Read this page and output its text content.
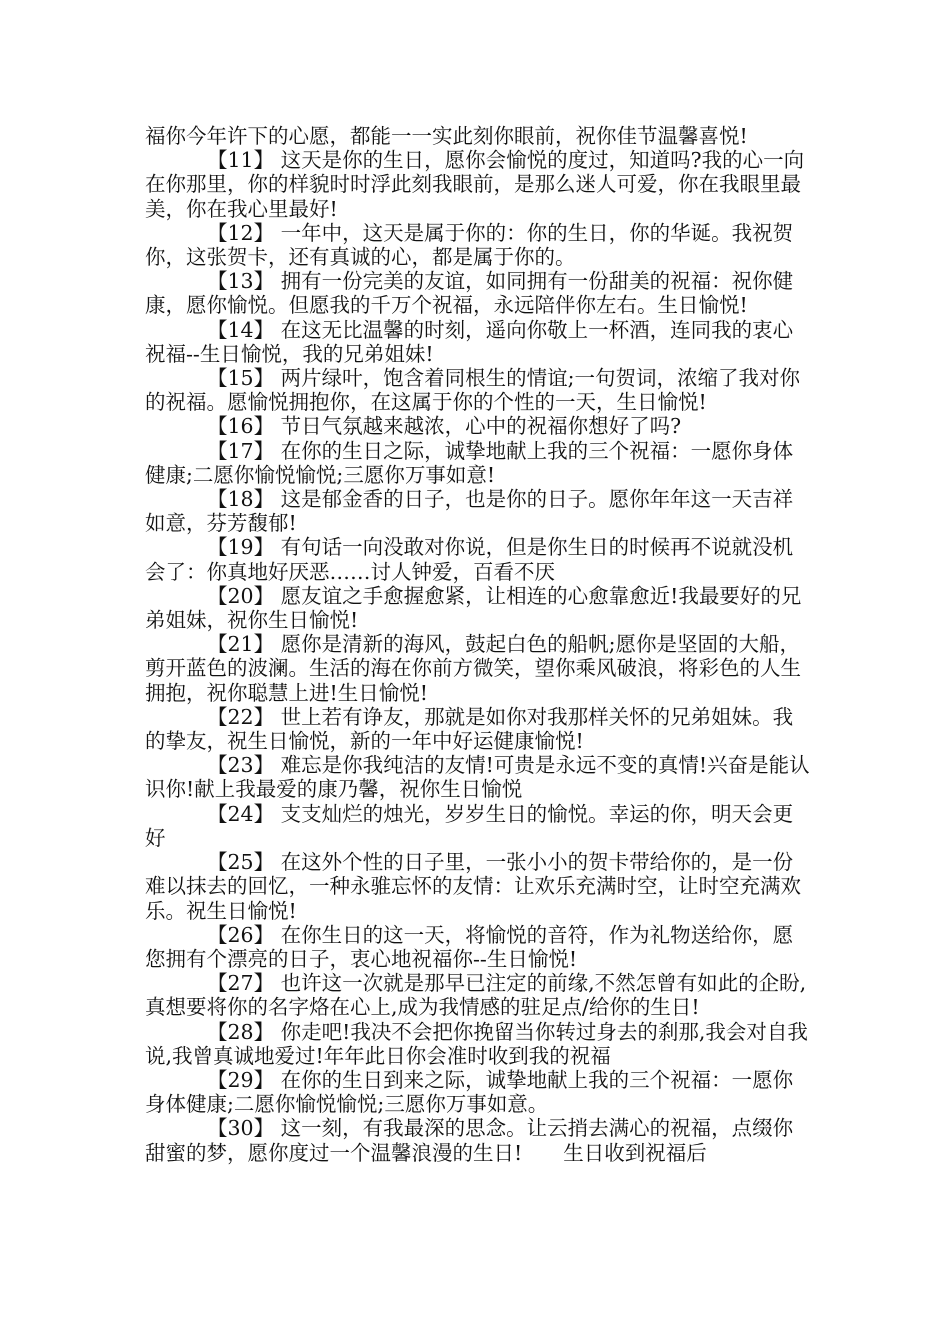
福你今年许下的心愿，都能一一实此刻你眼前，祝你佳节温馨喜悦!

【11】 这天是你的生日，愿你会愉悦的度过，知道吗?我的心一向在你那里，你的样貌时时浮此刻我眼前，是那么迷人可爱，你在我眼里最美，你在我心里最好!

【12】 一年中，这天是属于你的：你的生日，你的华诞。我祝贺你，这张贺卡，还有真诚的心，都是属于你的。

【13】 拥有一份完美的友谊，如同拥有一份甜美的祝福：祝你健康，愿你愉悦。但愿我的千万个祝福，永远陪伴你左右。生日愉悦!

【14】 在这无比温馨的时刻，遥向你敬上一杯酒，连同我的衷心祝福--生日愉悦，我的兄弟姐妹!

【15】 两片绿叶，饱含着同根生的情谊;一句贺词，浓缩了我对你的祝福。愿愉悦拥抱你，在这属于你的个性的一天，生日愉悦!

【16】 节日气氛越来越浓，心中的祝福你想好了吗?

【17】 在你的生日之际，诚挚地献上我的三个祝福：一愿你身体健康;二愿你愉悦愉悦;三愿你万事如意!

【18】 这是郁金香的日子，也是你的日子。愿你年年这一天吉祥如意，芬芳馥郁!

【19】 有句话一向没敢对你说，但是你生日的时候再不说就没机会了：你真地好厌恶……讨人钟爱，百看不厌

【20】 愿友谊之手愈握愈紧，让相连的心愈靠愈近!我最要好的兄弟姐妹，祝你生日愉悦!

【21】 愿你是清新的海风，鼓起白色的船帆;愿你是坚固的大船，剪开蓝色的波澜。生活的海在你前方微笑，望你乘风破浪，将彩色的人生拥抱，祝你聪慧上进!生日愉悦!

【22】 世上若有诤友，那就是如你对我那样关怀的兄弟姐妹。我的挚友，祝生日愉悦，新的一年中好运健康愉悦!

【23】 难忘是你我纯洁的友情!可贵是永远不变的真情!兴奋是能认识你!献上我最爱的康乃馨，祝你生日愉悦

【24】 支支灿烂的烛光，岁岁生日的愉悦。幸运的你，明天会更好

【25】 在这外个性的日子里，一张小小的贺卡带给你的，是一份难以抹去的回忆，一种永骓忘怀的友情：让欢乐充满时空，让时空充满欢乐。祝生日愉悦!

【26】 在你生日的这一天，将愉悦的音符，作为礼物送给你，愿您拥有个漂亮的日子，衷心地祝福你--生日愉悦!

【27】 也许这一次就是那早已注定的前缘,不然怎曾有如此的企盼,真想要将你的名字烙在心上,成为我情感的驻足点/给你的生日!

【28】 你走吧!我决不会把你挽留当你转过身去的刹那,我会对自我说,我曾真诚地爱过!年年此日你会准时收到我的祝福

【29】 在你的生日到来之际，诚挚地献上我的三个祝福：一愿你身体健康;二愿你愉悦愉悦;三愿你万事如意。

【30】 这一刻，有我最深的思念。让云捎去满心的祝福，点缀你甜蜜的梦，愿你度过一个温馨浪漫的生日!　　生日收到祝福后
